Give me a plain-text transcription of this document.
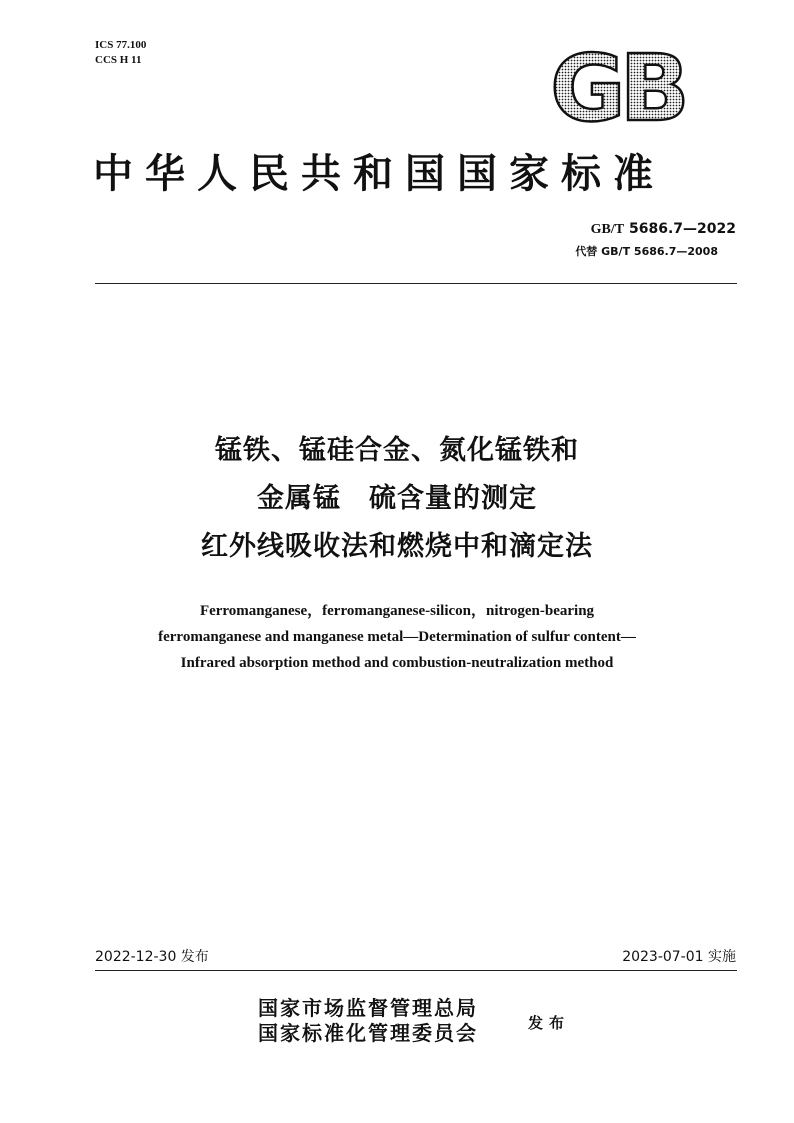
ICS 77.100
CCS H 11	GB
中华人民共和国国家标准
GB/T 5686.7—2022
代替 GB/T 5686.7—2008
锰铁、锰硅合金、氮化锰铁和
金属锰　硫含量的测定
红外线吸收法和燃烧中和滴定法
Ferromanganese，ferromanganese-silicon，nitrogen-bearing
ferromanganese and manganese metal—Determination of sulfur content—
Infrared absorption method and combustion-neutralization method
2022-12-30 发布	2023-07-01 实施
国家市场监督管理总局
国家标准化管理委员会	发布
